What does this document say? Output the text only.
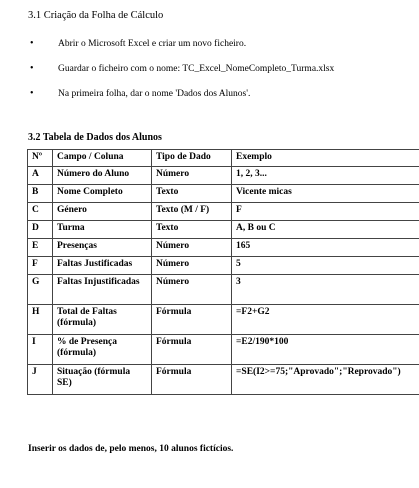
3.1 Criação da Folha de Cálculo
•	Abrir o Microsoft Excel e criar um novo ficheiro.
•	Guardar o ficheiro com o nome: TC_Excel_NomeCompleto_Turma.xlsx
•	Na primeira folha, dar o nome 'Dados dos Alunos'.
3.2 Tabela de Dados dos Alunos
Nº	Campo / Coluna	Tipo de Dado	Exemplo
A	Número do Aluno	Número	1, 2, 3...
B	Nome Completo	Texto	Vicente micas
C	Género	Texto (M / F)	F
D	Turma	Texto	A, B ou C
E	Presenças	Número	165
F	Faltas Justificadas	Número	5
G	Faltas Injustificadas	Número	3
H	Total de Faltas (fórmula)	Fórmula	=F2+G2
I	% de Presença (fórmula)	Fórmula	=E2/190*100
J	Situação (fórmula SE)	Fórmula	=SE(I2>=75;"Aprovado";"Reprovado")
Inserir os dados de, pelo menos, 10 alunos fictícios.
